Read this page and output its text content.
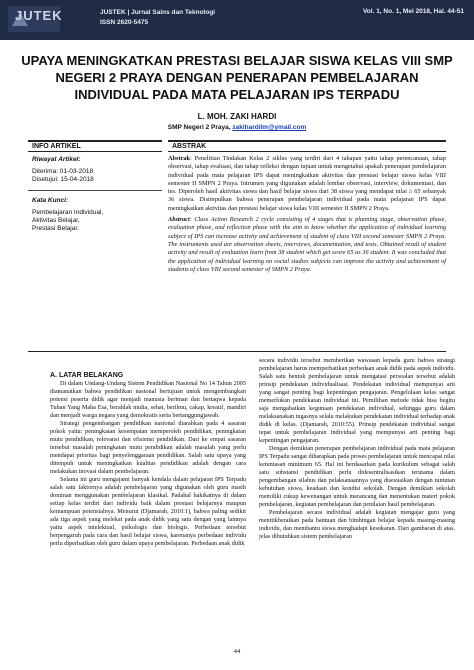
JUTEK	JUSTEK | Jurnal Sains dan Teknologi
ISSN 2620-5475
Vol. 1, No. 1, Mei 2018, Hal. 44-51
UPAYA MENINGKATKAN PRESTASI BELAJAR SISWA KELAS VIII SMP NEGERI 2 PRAYA DENGAN PENERAPAN PEMBELAJARAN INDIVIDUAL PADA MATA PELAJARAN IPS TERPADU
L. MOH. ZAKI HARDI
SMP Negeri 2 Praya, zakihardilm@ymail.com
INFO ARTIKEL	ABSTRAK
Riwayat Artikel:
Diterima: 01-03-2018
Disetujui: 15-04-2018
Kata Kunci:
Pembelajaran Individual,
Aktivitas Belajar,
Prestasi Belajar.

Abstrak: Penelitian Tindakan Kelas 2 siklus yang terdiri dari 4 tahapan yaitu tahap perencanaan, tahap observasi, tahap evaluasi, dan tahap refleksi dengan tujuan untuk mengetahui apakah penerapan pembelajaran individual pada mata pelajaran IPS dapat meningkatkan aktivitas dan prestasi belajar siswa kelas VIII semester II SMPN 2 Praya. Intrumen yang digunakan adalah lembar observasi, interview, dokumentasi, dan tes. Diperoleh hasil aktivitas siswa dan hasil belajar siswa dari 38 siswa yang mendapat nilai ≥ 65 sebanyak 36 siswa. Disimpulkan bahwa penerapan pembelajaran individual pada mata pelajaran IPS dapat meningkatkan aktivitas dan prestasi belajar siswa kelas VIII semester II SMPN 2 Praya.

Abstract: Class Action Research 2 cycle consisting of 4 stages that is planning stage, observation phase, evaluation phase, and reflection phase with the aim to know whether the application of individual learning subject of IPS can increase activity and achievement of student of class VIII second semester SMPN 2 Praya. The instruments used are observation sheets, interviews, documentation, and tests. Obtained result of student activity and result of evaluation learn from 38 student which get score 65 as 36 student. It was concluded that the application of individual learning on social studies subjects can improve the activity and achievement of students of class VIII second semester of SMPN 2 Praya.

A. LATAR BELAKANG

Di dalam Undang-Undang Sistem Pendidikan Nasional No 14 Tahun 2005 diamanatkan bahwa pendidikan nasional bertujuan untuk mengembangkan potensi peserta didik agar menjadi manusia beriman dan bertaqwa kepada Tuhan Yang Maha Esa, berahlak mulia, sehat, berilmu, cakap, kreatif, mandiri dan menjadi warga negara yang demokratis serta bertanggungjawab.

Strategi pengembangan pendidikan nasional diarahkan pada 4 sasaran pokok yaitu: peningkatan kesempatan memperoleh pendidikan, peningkatan mutu pendidikan, relevansi dan efisiensi pendidikan. Dari ke empat sasaran tersebut masalah peningkatan mutu pendidikan adalah masalah yang perlu mendapat prioritas bagi penyelenggaraan pendidikan. Salah satu upaya yang ditempuh untuk meningkatkan kualitas pendidikan adalah dengan cara melakukan inovasi dalam pembelajaran.

Selama ini guru mengajami banyak kendala dalam pelajaran IPS Terpadu salah satu faktornya adalah pembelajaran yang digunakan oleh guru masih dominan menggunakan pembelajaran klasikal. Padahal hakikatnya di dalam setiap kelas terdiri dari individu baik dalam prestasi belajarnya maupun kemampuan potensialnya. Menurut (Djamarah, 2010:1), bahwa paling sedikit ada tiga aspek yang melekat pada anak didik yang satu dengan yang lainnya yaitu aspek intelektual, psikologis dan biologis. Perbedaan tersebut berpengaruh pada cara dan hasil belajar siswa, karenanya perbedaan individu perlu diperhatikan oleh guru dalam upaya pembelajaran. Perbedaan anak didik

secara individu tersebut memberikan wawasan kepada guru bahwa strategi pembelajaran harus memperhatikan perbedaan anak didik pada aspek individu. Salah satu bentuk pembelajaran untuk mengatasi persoalan tersebut adalah prinsip pendekatan individualisasi. Pendekatan individual mempunyai arti yang sangat penting bagi kepentingan pengajaran. Pengelolaan kelas sangat memerlukan pendekatan individual ini. Pemilihan metode tidak bisa begitu saja mengabaikan kegunaan pendekatan individual, sehingga guru dalam melaksanakan tugasnya selalu melakukan pendekatan individual terhadap anak didik di kelas. (Djamarah, 2010:55). Prinsip pendekatan individual sangat tepat untuk pembelajaran individual yang mempunyai arti penting bagi kepentingan pengajaran.

Dengan demikian penerapan pembelajaran individual pada mata pelajaran IPS Terpadu sangat diharapkan pada proses pembelajaran untuk mencapai nilai ketuntasan minimum 65. Hal ini berdasarkan pada kurikulum sebagai salah satu substansi pendidikan perlu didesentralisasikan terutama dalam pengembangan silabus dan pelaksanaannya yang disesuaikan dengan tuntutan kebutuhan siswa, keadaan dan kondisi sekolah. Dengan demikian sekolah memiliki cukup kewenangan untuk merancang dan menentukan materi pokok pembelajaran, kegiatan pembelajaran dan penilaian hasil pembelajaran.

Pembelajaran secara individual adalah kegiatan mengajar guru yang menitikberatkan pada bantuan dan bimbingan belajar kepada masing-masing individu, dan membantu siswa menghadapi kesukaran. Dari gambaran di atas, jelas dibutuhkan sistem pembelajaran

44
